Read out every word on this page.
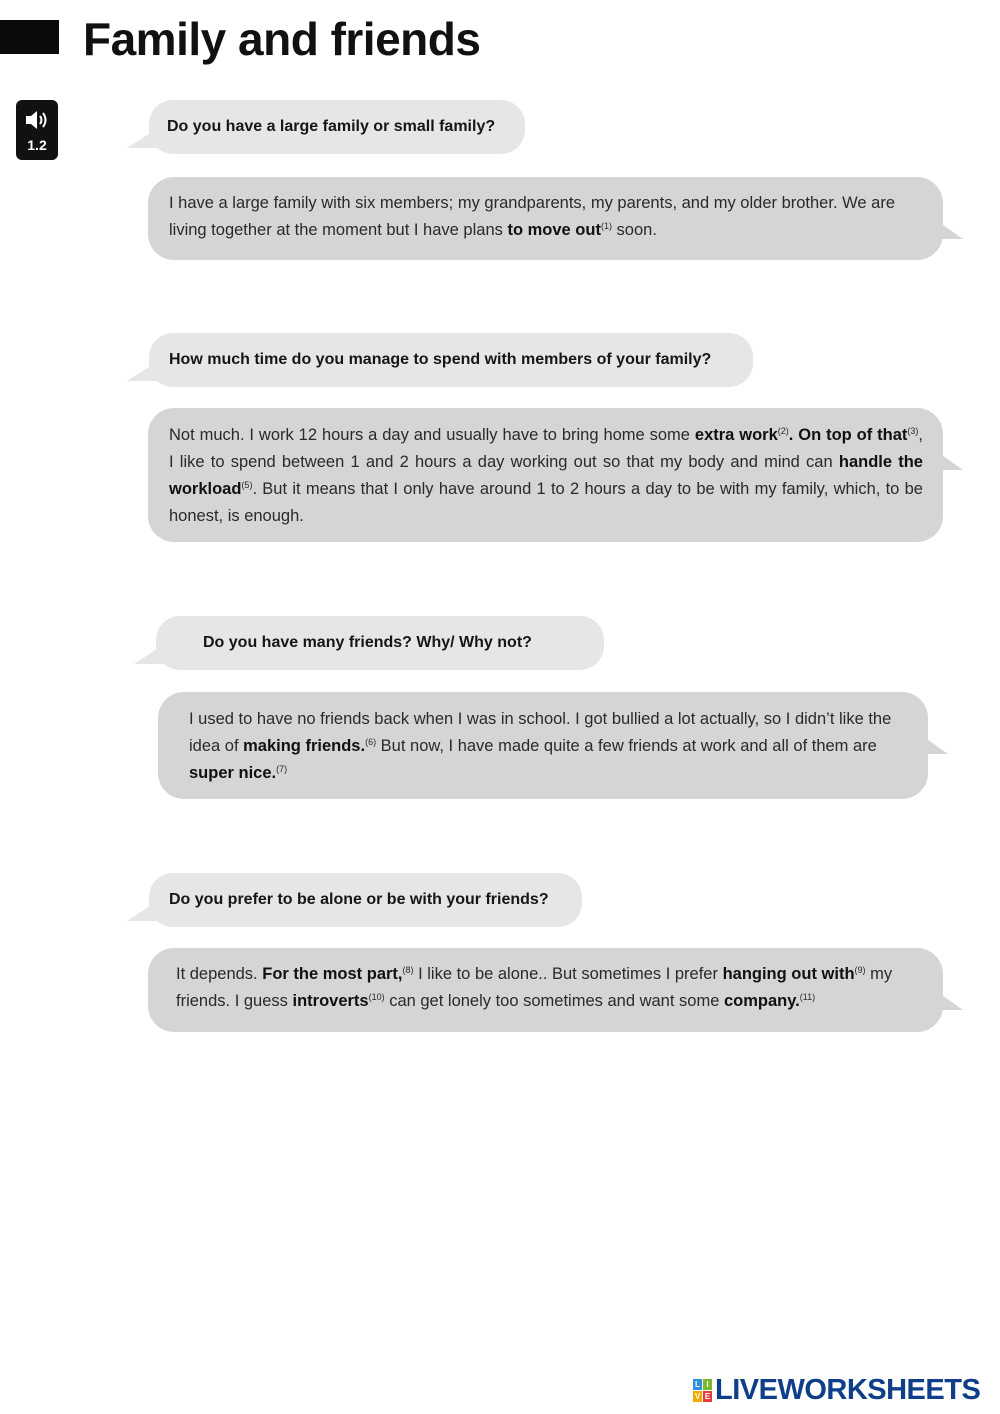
Family and friends
1.2
Do you have a large family or small family?

I have a large family with six members; my grandparents, my parents, and my older brother. We are living together at the moment but I have plans to move out$^{(1)}$ soon.

How much time do you manage to spend with members of your family?

Not much. I work 12 hours a day and usually have to bring home some extra work$^{(2)}$. On top of that$^{(3)}$, I like to spend between 1 and 2 hours a day working out so that my body and mind can handle the workload$^{(5)}$. But it means that I only have around 1 to 2 hours a day to be with my family, which, to be honest, is enough.

Do you have many friends? Why/ Why not?

I used to have no friends back when I was in school. I got bullied a lot actually, so I didn’t like the idea of making friends.$^{(6)}$ But now, I have made quite a few friends at work and all of them are super nice.$^{(7)}$

Do you prefer to be alone or be with your friends?

It depends. For the most part,$^{(8)}$ I like to be alone.. But sometimes I prefer hanging out with$^{(9)}$ my friends. I guess introverts$^{(10)}$ can get lonely too sometimes and want some company.$^{(11)}$

L I
V E LIVEWORKSHEETS
